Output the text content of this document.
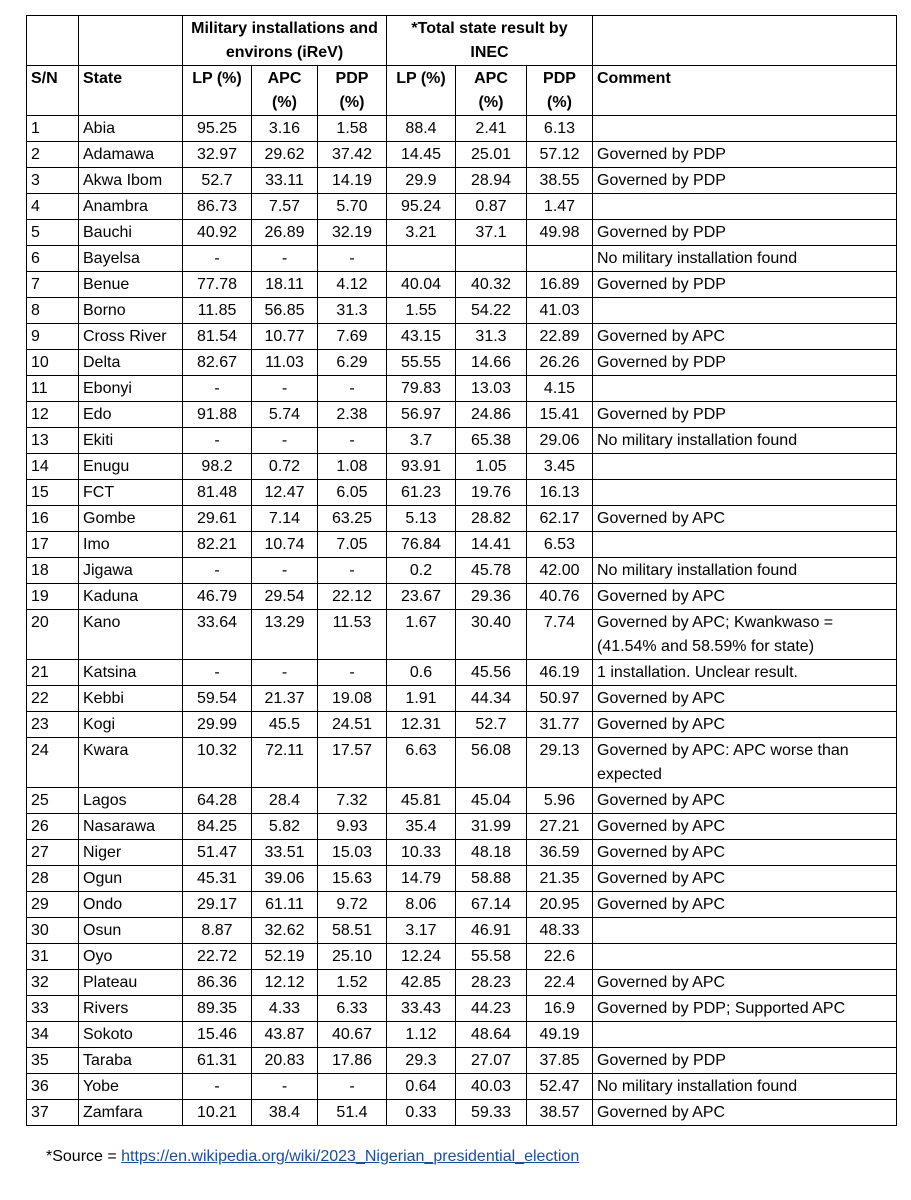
		Military installations and environs (iReV)			*Total state result by INEC			
S/N	State	LP (%)	APC (%)	PDP (%)	LP (%)	APC (%)	PDP (%)	Comment
1	Abia	95.25	3.16	1.58	88.4	2.41	6.13	
2	Adamawa	32.97	29.62	37.42	14.45	25.01	57.12	Governed by PDP
3	Akwa Ibom	52.7	33.11	14.19	29.9	28.94	38.55	Governed by PDP
4	Anambra	86.73	7.57	5.70	95.24	0.87	1.47	
5	Bauchi	40.92	26.89	32.19	3.21	37.1	49.98	Governed by PDP
6	Bayelsa	-	-	-				No military installation found
7	Benue	77.78	18.11	4.12	40.04	40.32	16.89	Governed by PDP
8	Borno	11.85	56.85	31.3	1.55	54.22	41.03	
9	Cross River	81.54	10.77	7.69	43.15	31.3	22.89	Governed by APC
10	Delta	82.67	11.03	6.29	55.55	14.66	26.26	Governed by PDP
11	Ebonyi	-	-	-	79.83	13.03	4.15	
12	Edo	91.88	5.74	2.38	56.97	24.86	15.41	Governed by PDP
13	Ekiti	-	-	-	3.7	65.38	29.06	No military installation found
14	Enugu	98.2	0.72	1.08	93.91	1.05	3.45	
15	FCT	81.48	12.47	6.05	61.23	19.76	16.13	
16	Gombe	29.61	7.14	63.25	5.13	28.82	62.17	Governed by APC
17	Imo	82.21	10.74	7.05	76.84	14.41	6.53	
18	Jigawa	-	-	-	0.2	45.78	42.00	No military installation found
19	Kaduna	46.79	29.54	22.12	23.67	29.36	40.76	Governed by APC
20	Kano	33.64	13.29	11.53	1.67	30.40	7.74	Governed by APC; Kwankwaso = (41.54% and 58.59% for state)
21	Katsina	-	-	-	0.6	45.56	46.19	1 installation. Unclear result.
22	Kebbi	59.54	21.37	19.08	1.91	44.34	50.97	Governed by APC
23	Kogi	29.99	45.5	24.51	12.31	52.7	31.77	Governed by APC
24	Kwara	10.32	72.11	17.57	6.63	56.08	29.13	Governed by APC: APC worse than expected
25	Lagos	64.28	28.4	7.32	45.81	45.04	5.96	Governed by APC
26	Nasarawa	84.25	5.82	9.93	35.4	31.99	27.21	Governed by APC
27	Niger	51.47	33.51	15.03	10.33	48.18	36.59	Governed by APC
28	Ogun	45.31	39.06	15.63	14.79	58.88	21.35	Governed by APC
29	Ondo	29.17	61.11	9.72	8.06	67.14	20.95	Governed by APC
30	Osun	8.87	32.62	58.51	3.17	46.91	48.33	
31	Oyo	22.72	52.19	25.10	12.24	55.58	22.6	
32	Plateau	86.36	12.12	1.52	42.85	28.23	22.4	Governed by APC
33	Rivers	89.35	4.33	6.33	33.43	44.23	16.9	Governed by PDP; Supported APC
34	Sokoto	15.46	43.87	40.67	1.12	48.64	49.19	
35	Taraba	61.31	20.83	17.86	29.3	27.07	37.85	Governed by PDP
36	Yobe	-	-	-	0.64	40.03	52.47	No military installation found
37	Zamfara	10.21	38.4	51.4	0.33	59.33	38.57	Governed by APC
*Source = https://en.wikipedia.org/wiki/2023_Nigerian_presidential_election
